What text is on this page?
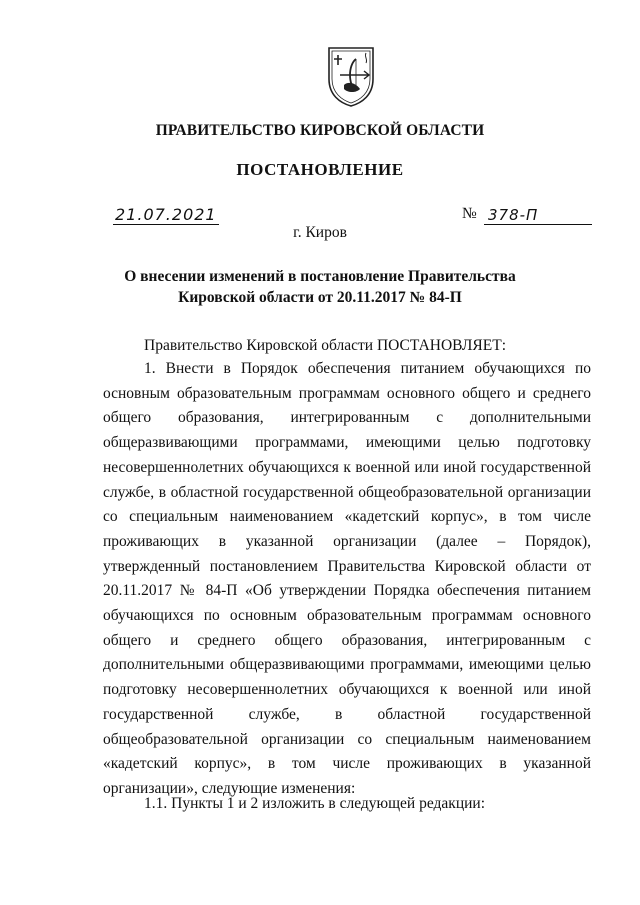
ПРАВИТЕЛЬСТВО КИРОВСКОЙ ОБЛАСТИ
ПОСТАНОВЛЕНИЕ
21.07.2021	№ 378-П
г. Киров
О внесении изменений в постановление Правительства
Кировской области от 20.11.2017 № 84-П
Правительство Кировской области ПОСТАНОВЛЯЕТ:
1. Внести в Порядок обеспечения питанием обучающихся по основным образовательным программам основного общего и среднего общего образования, интегрированным с дополнительными общеразвивающими программами, имеющими целью подготовку несовершеннолетних обучающихся к военной или иной государственной службе, в областной государственной общеобразовательной организации со специальным наименованием «кадетский корпус», в том числе проживающих в указанной организации (далее – Порядок), утвержденный постановлением Правительства Кировской области от 20.11.2017 № 84-П «Об утверждении Порядка обеспечения питанием обучающихся по основным образовательным программам основного общего и среднего общего образования, интегрированным с дополнительными общеразвивающими программами, имеющими целью подготовку несовершеннолетних обучающихся к военной или иной государственной службе, в областной государственной общеобразовательной организации со специальным наименованием «кадетский корпус», в том числе проживающих в указанной организации», следующие изменения:
1.1. Пункты 1 и 2 изложить в следующей редакции:
